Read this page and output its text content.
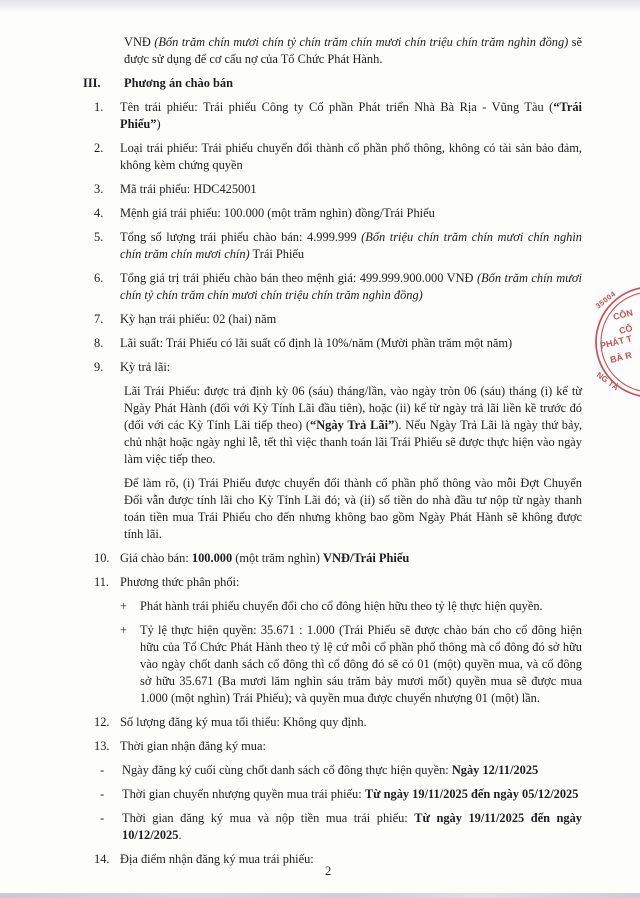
VNĐ (Bốn trăm chín mươi chín tỷ chín trăm chín mươi chín triệu chín trăm nghìn đồng) sẽ được sử dụng để cơ cấu nợ của Tổ Chức Phát Hành.
III.	Phương án chào bán
1.	Tên trái phiếu: Trái phiếu Công ty Cổ phần Phát triển Nhà Bà Rịa - Vũng Tàu (“Trái Phiếu”)
2.	Loại trái phiếu: Trái phiếu chuyển đổi thành cổ phần phổ thông, không có tài sản bảo đảm, không kèm chứng quyền
3.	Mã trái phiếu: HDC425001
4.	Mệnh giá trái phiếu: 100.000 (một trăm nghìn) đồng/Trái Phiếu
5.	Tổng số lượng trái phiếu chào bán: 4.999.999 (Bốn triệu chín trăm chín mươi chín nghìn chín trăm chín mươi chín) Trái Phiếu
6.	Tổng giá trị trái phiếu chào bán theo mệnh giá: 499.999.900.000 VNĐ (Bốn trăm chín mươi chín tỷ chín trăm chín mươi chín triệu chín trăm nghìn đồng)
7.	Kỳ hạn trái phiếu: 02 (hai) năm
8.	Lãi suất: Trái Phiếu có lãi suất cố định là 10%/năm (Mười phần trăm một năm)
9.	Kỳ trả lãi:
Lãi Trái Phiếu: được trả định kỳ 06 (sáu) tháng/lần, vào ngày tròn 06 (sáu) tháng (i) kể từ Ngày Phát Hành (đối với Kỳ Tính Lãi đầu tiên), hoặc (ii) kể từ ngày trả lãi liền kề trước đó (đối với các Kỳ Tính Lãi tiếp theo) (“Ngày Trả Lãi”). Nếu Ngày Trả Lãi là ngày thứ bảy, chủ nhật hoặc ngày nghỉ lễ, tết thì việc thanh toán lãi Trái Phiếu sẽ được thực hiện vào ngày làm việc tiếp theo.
Để làm rõ, (i) Trái Phiếu được chuyển đổi thành cổ phần phổ thông vào mỗi Đợt Chuyển Đổi vẫn được tính lãi cho Kỳ Tính Lãi đó; và (ii) số tiền do nhà đầu tư nộp từ ngày thanh toán tiền mua Trái Phiếu cho đến nhưng không bao gồm Ngày Phát Hành sẽ không được tính lãi.
10. Giá chào bán: 100.000 (một trăm nghìn) VNĐ/Trái Phiếu
11. Phương thức phân phối:
+	Phát hành trái phiếu chuyển đổi cho cổ đông hiện hữu theo tỷ lệ thực hiện quyền.
+	Tỷ lệ thực hiện quyền: 35.671 : 1.000 (Trái Phiếu sẽ được chào bán cho cổ đông hiện hữu của Tổ Chức Phát Hành theo tỷ lệ cứ mỗi cổ phần phổ thông mà cổ đông đó sở hữu vào ngày chốt danh sách cổ đông thì cổ đông đó sẽ có 01 (một) quyền mua, và cổ đông sở hữu 35.671 (Ba mươi lăm nghìn sáu trăm bảy mươi mốt) quyền mua sẽ được mua 1.000 (một nghìn) Trái Phiếu); và quyền mua được chuyển nhượng 01 (một) lần.
12. Số lượng đăng ký mua tối thiểu: Không quy định.
13. Thời gian nhận đăng ký mua:
-	Ngày đăng ký cuối cùng chốt danh sách cổ đông thực hiện quyền: Ngày 12/11/2025
-	Thời gian chuyển nhượng quyền mua trái phiếu: Từ ngày 19/11/2025 đến ngày 05/12/2025
-	Thời gian đăng ký mua và nộp tiền mua trái phiếu: Từ ngày 19/11/2025 đến ngày 10/12/2025.
14. Địa điểm nhận đăng ký mua trái phiếu:
35004
CÔN
CỔ
PHÁT T
BÀ R
NG TÀ
2
